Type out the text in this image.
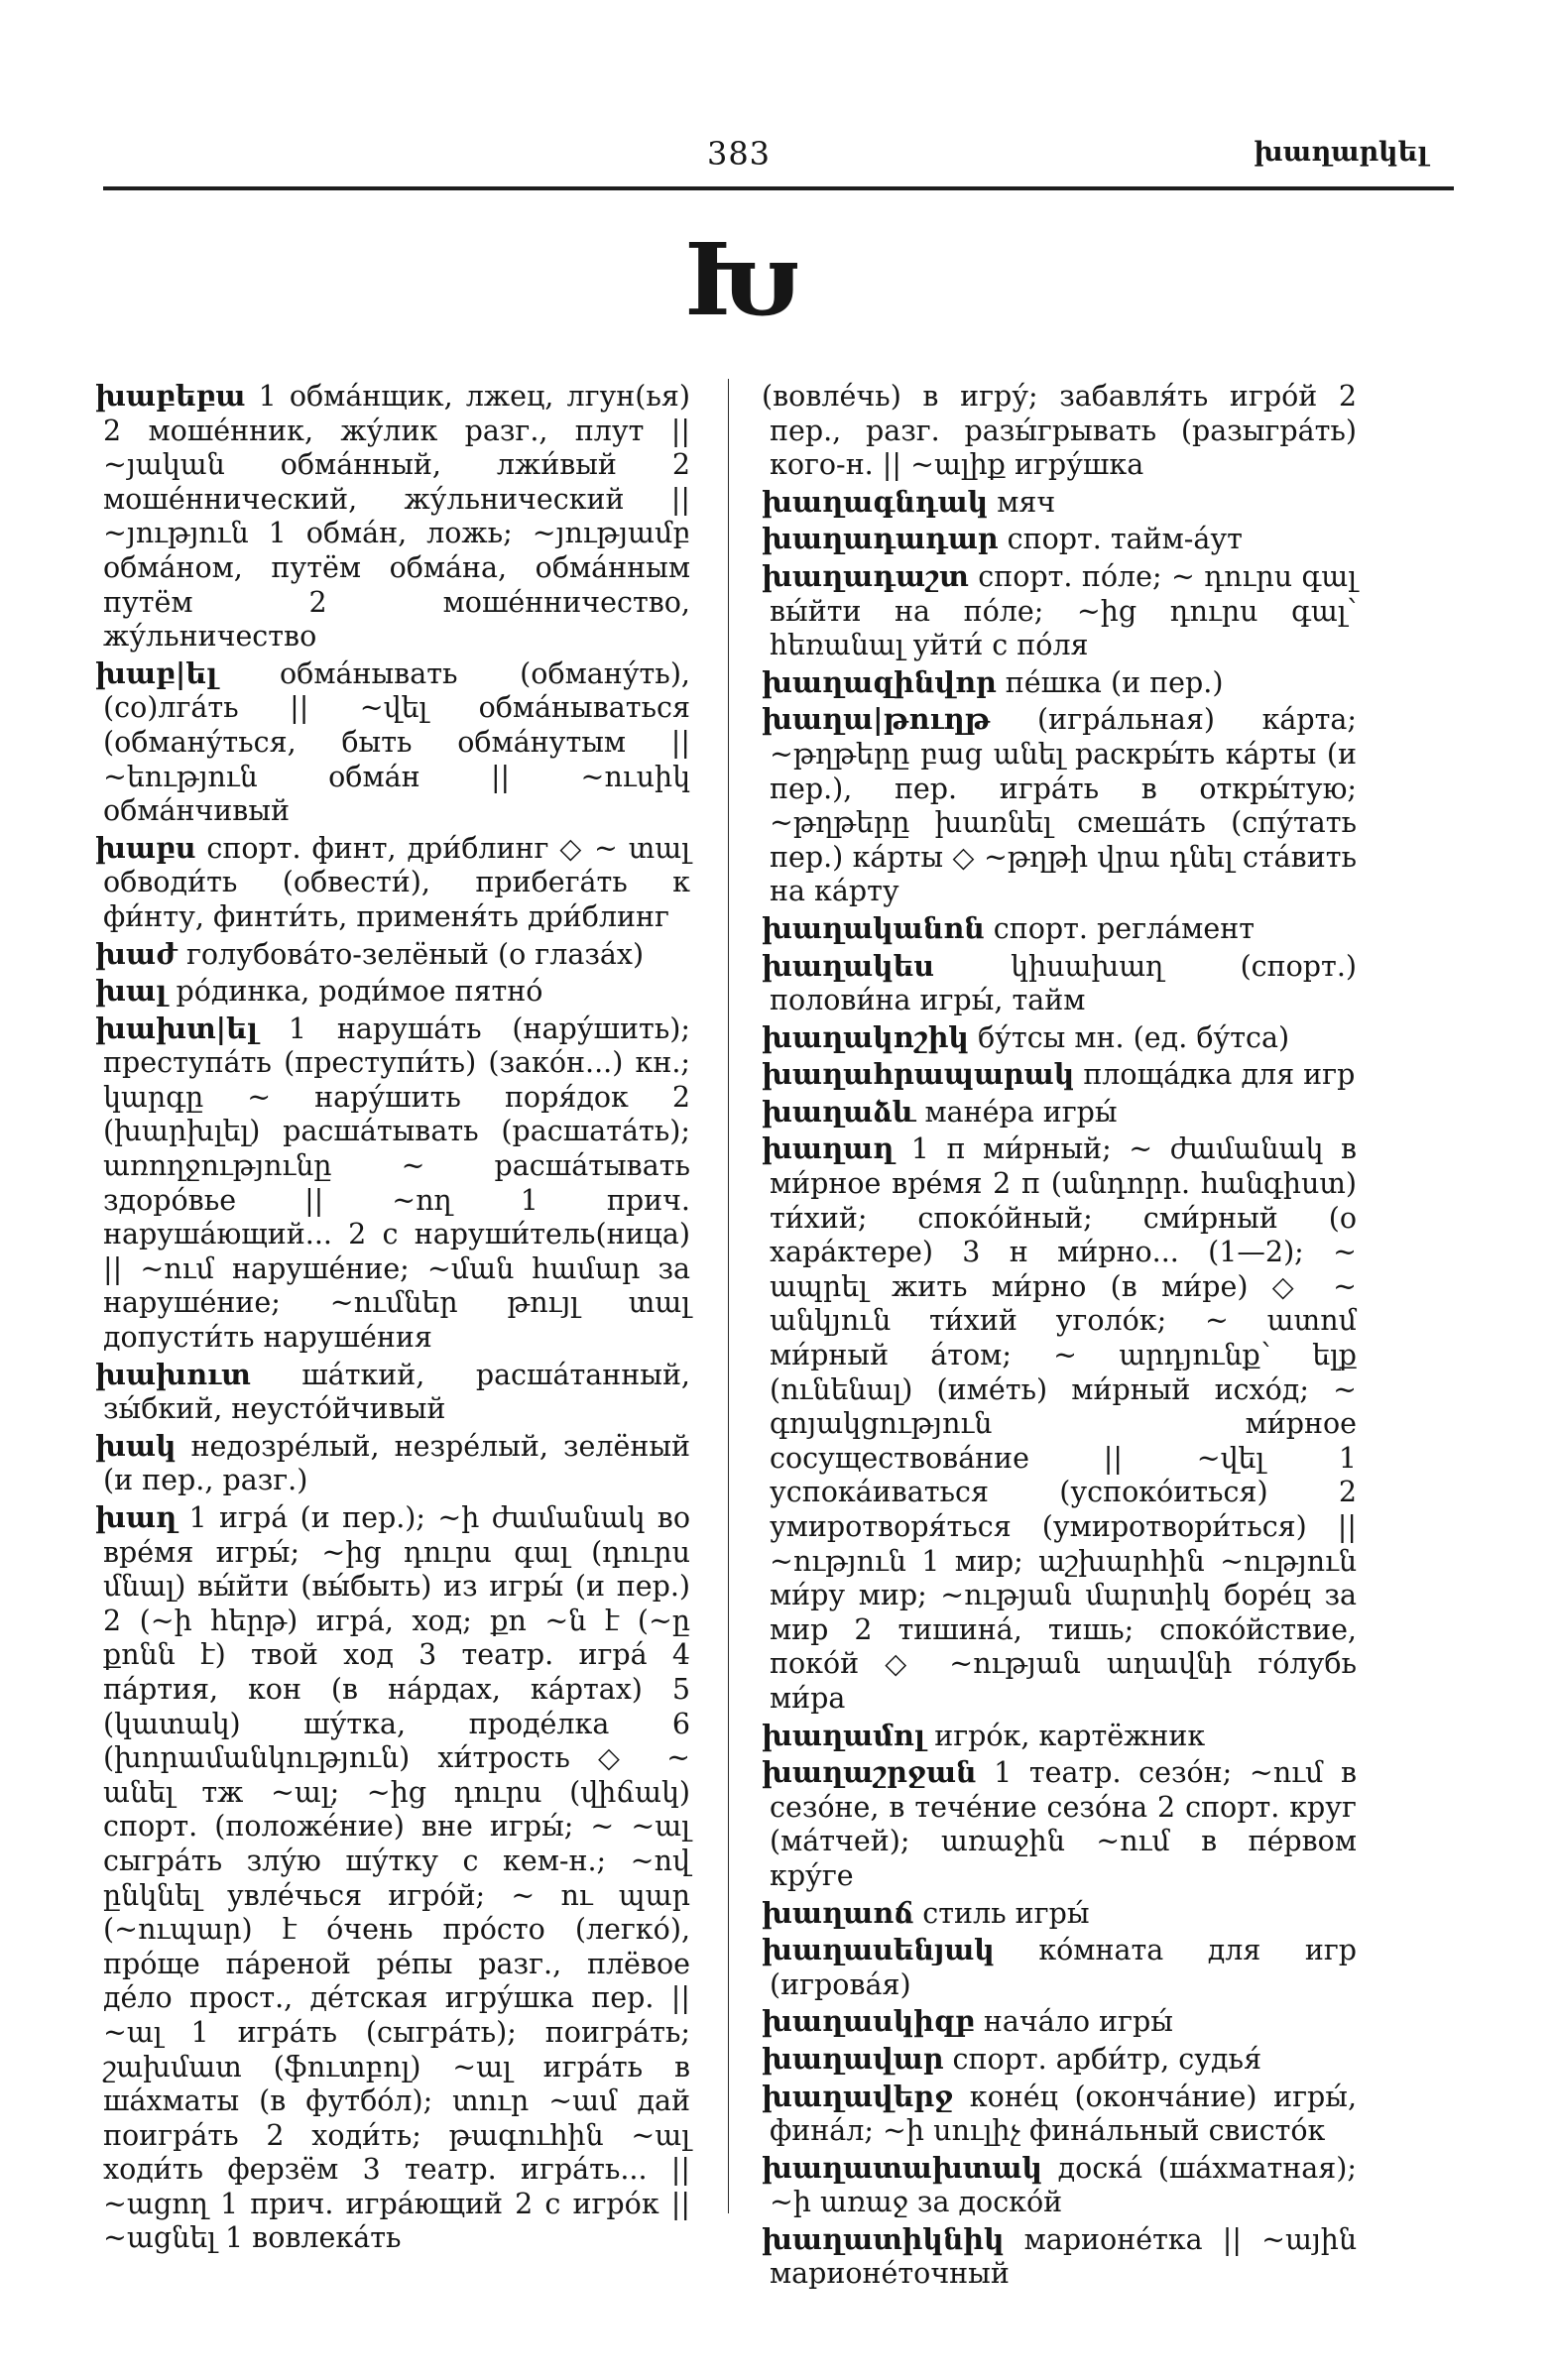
383	խաղարկել
Խ

խաբեբա 1 обма́нщик, лжец, лгун(ья) 2 моше́нник, жу́лик разг., плут || ~յական обма́нный, лжи́вый 2 моше́ннический, жу́льнический || ~յություն 1 обма́н, ложь; ~յությամբ обма́ном, путём обма́на, обма́нным путём 2 моше́нничество, жу́льничество

խաբ|ել обма́нывать (обману́ть), (со)лга́ть || ~վել обма́ныватьcя (обману́ться, быть обма́нутым || ~եություն обма́н || ~ուսիկ обма́нчивый

խաբս спорт. финт, дри́блинг ◇ ~ տալ обводи́ть (обвести́), прибега́ть к фи́нту, финти́ть, применя́ть дри́блинг

խաժ голубова́то-зелёный (о глаза́х)

խալ ро́динка, роди́мое пятно́

խախտ|ել 1 наруша́ть (нару́шить); преступа́ть (преступи́ть) (зако́н...) кн.; կարգը ~ нару́шить поря́док 2 (խարխլել) расша́тывать (расшата́ть); առողջությունը ~ расша́тывать здоро́вье || ~ող 1 прич. наруша́ющий... 2 с наруши́тель(ница) || ~ում наруше́ние; ~ման համար за наруше́ние; ~ումներ թույլ տալ допусти́ть наруше́ния

խախուտ ша́ткий, расша́танный, зы́бкий, неусто́йчивый

խակ недозре́лый, незре́лый, зелёный (и пер., разг.)

խաղ 1 игра́ (и пер.); ~ի ժամանակ во вре́мя игры́; ~ից դուրս գալ (դուրս մնալ) вы́йти (вы́быть) из игры́ (и пер.) 2 (~ի հերթ) игра́, ход; քո ~ն է (~ը քոնն է) твой ход 3 театр. игра́ 4 па́ртия, кон (в на́рдах, ка́ртах) 5 (կատակ) шу́тка, проде́лка 6 (խորամանկություն) хи́трость ◇ ~ անել тж ~ալ; ~ից դուրս (վիճակ) спорт. (положе́ние) вне игры́; ~ ~ալ сыгра́ть злу́ю шу́тку с кем-н.; ~ով ընկնել увле́чься игро́й; ~ ու պար (~ուպար) է о́чень про́сто (легко́), про́ще па́реной ре́пы разг., плёвое де́ло прост., де́тская игру́шка пер. || ~ալ 1 игра́ть (сыгра́ть); поигра́ть; շախմատ (ֆուտբոլ) ~ալ игра́ть в ша́хматы (в футбо́л); տուր ~ամ дай поигра́ть 2 ходи́ть; թագուհին ~ալ ходи́ть ферзём 3 театр. игра́ть... || ~ացող 1 прич. игра́ющий 2 с игро́к || ~ացնել 1 вовлека́ть

(вовле́чь) в игру́; забавля́ть игро́й 2 пер., разг. разы́грывать (разыгра́ть) кого-н. || ~ալիք игру́шка

խաղագնդակ мяч

խաղադադար спорт. тайм-а́ут

խաղադաշտ спорт. по́ле; ~ դուրս գալ вы́йти на по́ле; ~ից դուրս գալ՝ հեռանալ уйти́ с по́ля

խաղազինվոր пе́шка (и пер.)

խաղա|թուղթ (игра́льная) ка́рта; ~թղթերը բաց անել раскры́ть ка́рты (и пер.), пер. игра́ть в откры́тую; ~թղթերը խառնել смеша́ть (спу́тать пер.) ка́рты ◇ ~թղթի վրա դնել ста́вить на ка́рту

խաղականոն спорт. регла́мент

խաղակես	կիսախաղ (спорт.) полови́на игры́, тайм

խաղակոշիկ бу́тсы мн. (ед. бу́тса)

խաղահրապարակ площа́дка для игр

խաղաձև мане́ра игры́

խաղաղ 1 п ми́рный; ~ ժամանակ в ми́рное вре́мя 2 п (անդորր. հանգիստ) ти́хий; споко́йный; сми́рный (о хара́ктере) 3 н ми́рно... (1—2); ~ ապրել жить ми́рно (в ми́ре) ◇ ~ անկյուն ти́хий уголо́к; ~ ատոմ ми́рный а́том; ~ արդյունք՝ ելք (ունենալ) (име́ть) ми́рный исхо́д; ~ գոյակցություն ми́рное сосуществова́ние || ~վել 1 успока́иваться (успоко́иться) 2 умиротворя́ться (умиротвори́ться) || ~ություն 1 мир; աշխարհին ~ություն ми́ру мир; ~ության մարտիկ боре́ц за мир 2 тишина́, тишь; споко́йствие, поко́й ◇ ~ության աղավնի го́лубь ми́ра

խաղամոլ игро́к, картёжник

խաղաշրջան 1 театр. сезо́н; ~ում в сезо́не, в тече́ние сезо́на 2 спорт. круг (ма́тчей); առաջին ~ում в пе́рвом кру́ге

խաղաոճ стиль игры́

խաղասենյակ ко́мната для игр (игрова́я)

խաղասկիզբ нача́ло игры́

խաղավար спорт. арби́тр, судья́

խաղավերջ коне́ц (оконча́ние) игры́, фина́л; ~ի սուլիչ фина́льный свисто́к

խաղատախտակ доска́ (ша́хматная); ~ի առաջ за доско́й

խաղատիկնիկ марионе́тка || ~ային марионе́точный
